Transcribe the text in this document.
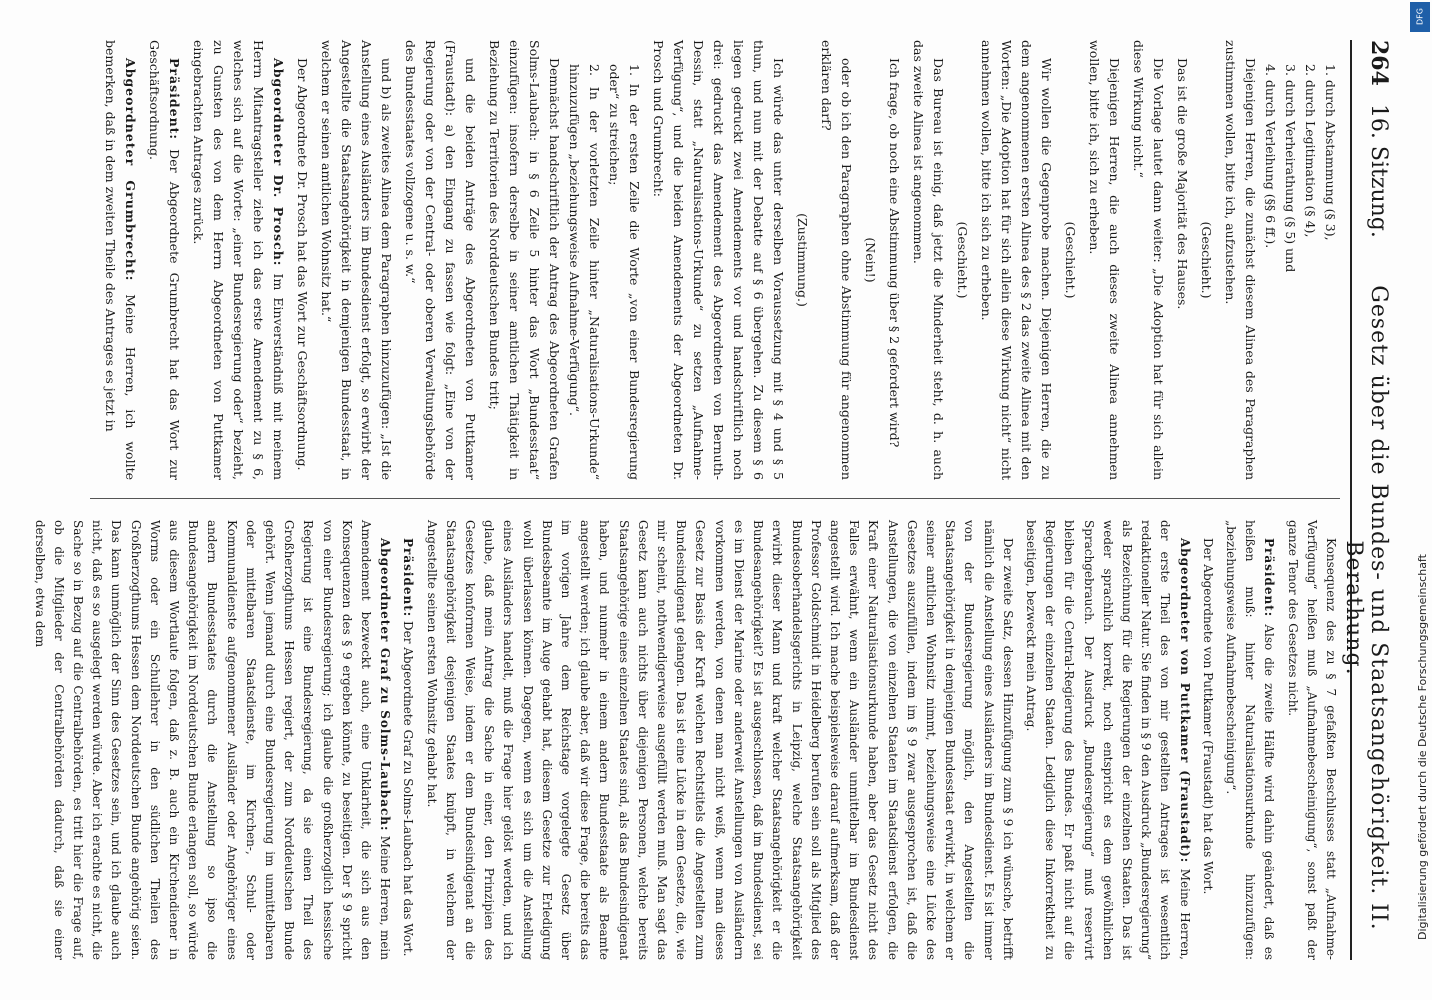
264
16. Sitzung.
Gesetz über die Bundes- und Staatsangehörigkeit. II. Berathung.

1. durch Abstammung (§ 3),

2. durch Legitimation (§ 4),

3. durch Verheirathung (§ 5) und

4. durch Verleihung (§§ 6 ff.).

Diejenigen Herren, die zunächst diesem Alinea des Paragraphen zustimmen wollen, bitte ich, aufzustehen.

(Geschieht.)

Das ist die große Majorität des Hauses.

Die Vorlage lautet dann weiter: „Die Adoption hat für sich allein diese Wirkung nicht.“

Diejenigen Herren, die auch dieses zweite Alinea annehmen wollen, bitte ich, sich zu erheben.

(Geschieht.)

Wir wollen die Gegenprobe machen. Diejenigen Herren, die zu dem angenommenen ersten Alinea des § 2 das zweite Alinea mit den Worten: „Die Adoption hat für sich allein diese Wirkung nicht“ nicht annehmen wollen, bitte ich sich zu erheben.

(Geschieht.)

Das Bureau ist einig, daß jetzt die Minderheit steht, d. h. auch das zweite Alinea ist angenommen.

Ich frage, ob noch eine Abstimmung über § 2 gefordert wird?

(Nein!)

oder ob ich den Paragraphen ohne Abstimmung für angenommen erklären darf?

(Zustimmung.)

Ich würde das unter derselben Voraussetzung mit § 4 und § 5 thun, und nun mit der Debatte auf § 6 übergehen. Zu diesem § 6 liegen gedruckt zwei Amendements vor und handschriftlich noch drei: gedruckt das Amendement des Abgeordneten von Bernuth-Dessin, statt „Naturalisations-Urkunde“ zu setzen „Aufnahme-Verfügung“, und die beiden Amendements der Abgeordneten Dr. Prosch und Grumbrecht:

1. In der ersten Zeile die Worte „von einer Bundesregierung oder“ zu streichen;

2. In der vorletzten Zeile hinter „Naturalisations-Urkunde“ hinzuzufügen „beziehungsweise Aufnahme-Verfügung“.

Demnächst handschriftlich der Antrag des Abgeordneten Grafen Solms-Laubach: in § 6 Zeile 5 hinter das Wort „Bundesstaat“ einzufügen: insofern derselbe in seiner amtlichen Thätigkeit in Beziehung zu Territorien des Norddeutschen Bundes tritt;

und die beiden Anträge des Abgeordneten von Puttkamer (Fraustadt): a) den Eingang zu fassen wie folgt: „Eine von der Regierung oder von der Central- oder oberen Verwaltungsbehörde des Bundesstaates vollzogene u. s. w.“

und b) als zweites Alinea dem Paragraphen hinzuzufügen: „Ist die Anstellung eines Ausländers im Bundesdienst erfolgt, so erwirbt der Angestellte die Staatsangehörigkeit in demjenigen Bundesstaat, in welchem er seinen amtlichen Wohnsitz hat.“

Der Abgeordnete Dr. Prosch hat das Wort zur Geschäftsordnung.

Abgeordneter Dr. Prosch: Im Einverständniß mit meinem Herrn Mitantragsteller ziehe ich das erste Amendement zu § 6, welches sich auf die Worte: „einer Bundesregierung oder“ bezieht, zu Gunsten des von dem Herrn Abgeordneten von Puttkamer eingebrachten Antrages zurück.

Präsident: Der Abgeordnete Grumbrecht hat das Wort zur Geschäftsordnung.

Abgeordneter Grumbrecht: Meine Herren, ich wollte bemerken, daß in dem zweiten Theile des Antrages es jetzt in

Konsequenz des zu § 7 gefaßten Beschlusses statt „Aufnahme-Verfügung“ heißen muß „Aufnahmebescheinigung“, sonst paßt der ganze Tenor des Gesetzes nicht.

Präsident: Also die zweite Hälfte wird dahin geändert, daß es heißen muß: hinter Naturalisationsurkunde hinzuzufügen: „beziehungsweise Aufnahmebescheinigung“.

Der Abgeordnete von Puttkamer (Fraustadt) hat das Wort.

Abgeordneter von Puttkamer (Fraustadt): Meine Herren, der erste Theil des von mir gestellten Antrages ist wesentlich redaktioneller Natur. Sie finden in § 9 den Ausdruck „Bundesregierung“ als Bezeichnung für die Regierungen der einzelnen Staaten. Das ist weder sprachlich korrekt, noch entspricht es dem gewöhnlichen Sprachgebrauch. Der Ausdruck „Bundesregierung“ muß reservirt bleiben für die Central-Regierung des Bundes. Er paßt nicht auf die Regierungen der einzelnen Staaten. Lediglich diese Inkorrektheit zu beseitigen, bezweckt mein Antrag.

Der zweite Satz, dessen Hinzufügung zum § 9 ich wünsche, betrifft nämlich die Anstellung eines Ausländers im Bundesdienst. Es ist immer von der Bundesregierung möglich, den Angestellten die Staatsangehörigkeit in demjenigen Bundesstaat erwirkt, in welchem er seiner amtlichen Wohnsitz nimmt, beziehungsweise eine Lücke des Gesetzes auszufüllen, indem im § 9 zwar ausgesprochen ist, daß die Anstellungen, die von einzelnen Staaten im Staatsdienst erfolgen, die Kraft einer Naturalisationsurkunde haben, aber das Gesetz nicht des Falles erwähnt, wenn ein Ausländer unmittelbar im Bundesdienst angestellt wird. Ich mache beispielsweise darauf aufmerksam, daß der Professor Goldschmidt in Heidelberg berufen sein soll als Mitglied des Bundesoberhandelsgerichts in Leipzig, welche Staatsangehörigkeit erwirbt dieser Mann und kraft welcher Staatsangehörigkeit er die Bundesangehörigkeit? Es ist ausgeschlossen, daß im Bundesdienst, sei es im Dienst der Marine oder anderweit Anstellungen von Ausländern vorkommen werden, von denen man nicht weiß, wenn man dieses Gesetz zur Basis der Kraft welchen Rechtstitels die Angestellten zum Bundesindigenat gelangen. Das ist eine Lücke in dem Gesetze, die, wie mir scheint, nothwendigerweise ausgefüllt werden muß. Man sagt das Gesetz kann auch nichts über diejenigen Personen, welche bereits Staatsangehörige eines einzelnen Staates sind, als das Bundesindigenat haben, und nunmehr in einem andern Bundesstaate als Beamte angestellt werden; ich glaube aber, daß wir diese Frage, die bereits das im vorigen Jahre dem Reichstage vorgelegte Gesetz über Bundesbeamte im Auge gehabt hat, diesem Gesetze zur Erledigung wohl überlassen können. Dagegen, wenn es sich um die Anstellung eines Ausländers handelt, muß die Frage hier gelöst werden, und ich glaube, daß mein Antrag die Sache in einer, den Prinzipien des Gesetzes konformen Weise, indem er dem Bundesindigenat an die Staatsangehörigkeit desjenigen Staates knüpft, in welchem der Angestellte seinen ersten Wohnsitz gehabt hat.

Präsident: Der Abgeordnete Graf zu Solms-Laubach hat das Wort.

Abgeordneter Graf zu Solms-Laubach: Meine Herren, mein Amendement bezweckt auch, eine Unklarheit, die sich aus den Konsequenzen des § 9 ergeben könnte, zu beseitigen. Der § 9 spricht von einer Bundesregierung; ich glaube die großherzoglich hessische Regierung ist eine Bundesregierung, da sie einen Theil des Großherzogthums Hessen regiert, der zum Norddeutschen Bunde gehört. Wenn jemand durch eine Bundesregierung im unmittelbaren oder mittelbaren Staatsdienste, im Kirchen-, Schul- oder Kommunaldienste aufgenommener Ausländer oder Angehöriger eines andern Bundesstaates durch die Anstellung so ipso die Bundesangehörigkeit im Norddeutschen Bunde erlangen soll, so würde aus diesem Wortlaute folgen, daß z. B. auch ein Kirchendiener in Worms oder ein Schullehrer in den südlichen Theilen des Großherzogthums Hessen dem Norddeutschen Bunde angehörig seien. Das kann unmöglich der Sinn des Gesetzes sein, und ich glaube auch nicht, daß es so ausgelegt werden würde. Aber ich erachte es nicht, die Sache so in Bezug auf die Centralbehörden, es tritt hier die Frage auf, ob die Mitglieder der Centralbehörden dadurch, daß sie einer derselben, etwa dem	Digitalisierung gefördert durch die Deutsche Forschungsgemeinschaft
DFG
